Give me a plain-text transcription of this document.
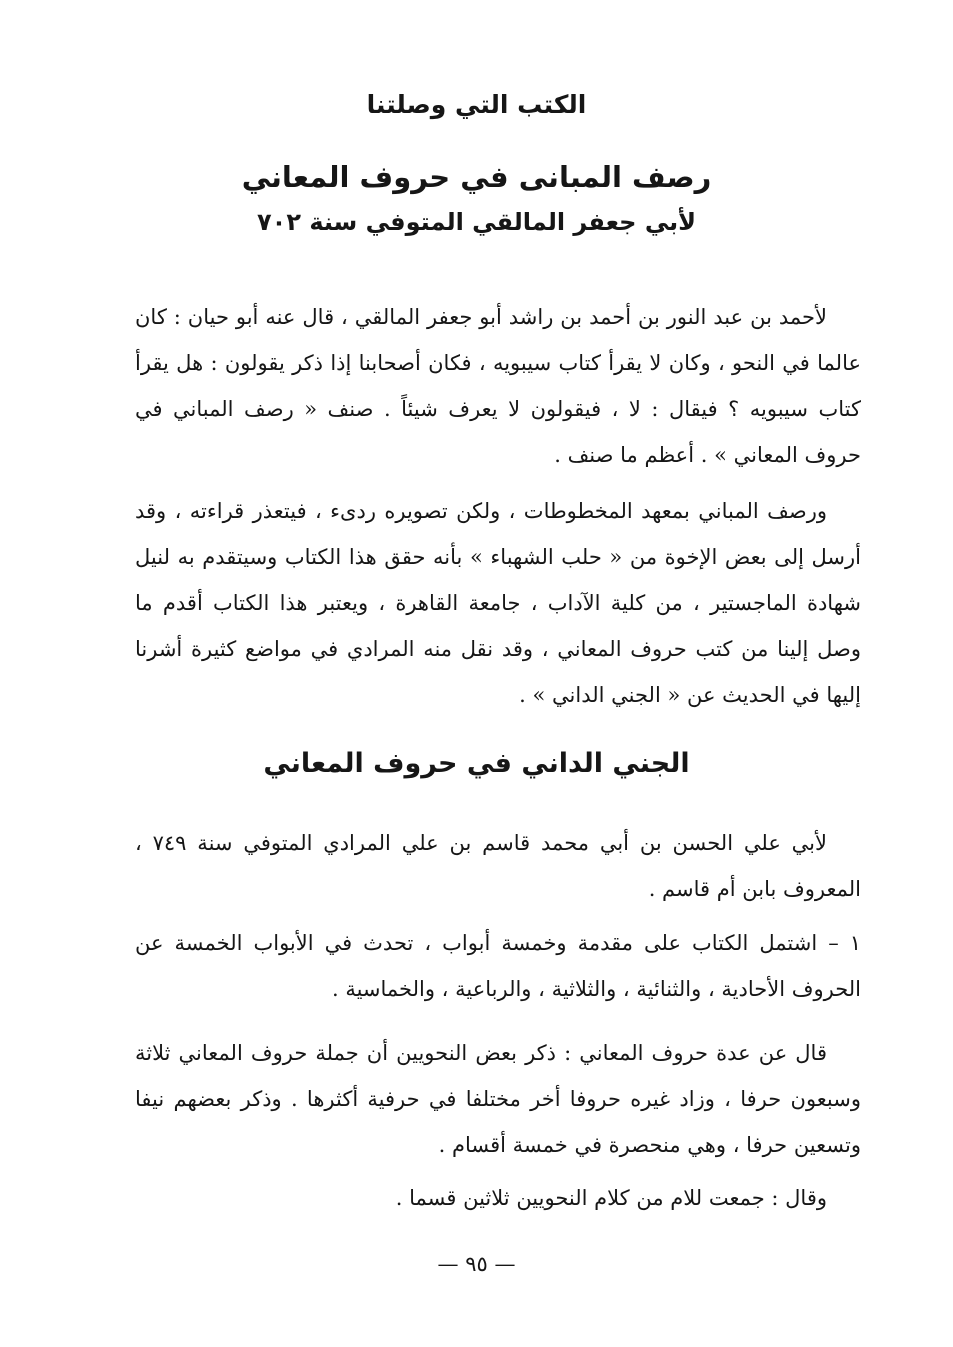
الكتب التي وصلتنا
رصف المبانى في حروف المعاني
لأبي جعفر المالقي المتوفي سنة ٧٠٢

لأحمد بن عبد النور بن أحمد بن راشد أبو جعفر المالقي ، قال عنه أبو حيان : كان عالما في النحو ، وكان لا يقرأ كتاب سيبويه ، فكان أصحابنا إذا ذكر يقولون : هل يقرأ كتاب سيبويه ؟ فيقال : لا ، فيقولون لا يعرف شيئاً . صنف « رصف المباني في حروف المعاني » . أعظم ما صنف .

ورصف المباني بمعهد المخطوطات ، ولكن تصويره ردىء ، فيتعذر قراءته ، وقد أرسل إلى بعض الإخوة من « حلب الشهباء » بأنه حقق هذا الكتاب وسيتقدم به لنيل شهادة الماجستير ، من كلية الآداب ، جامعة القاهرة ، ويعتبر هذا الكتاب أقدم ما وصل إلينا من كتب حروف المعاني ، وقد نقل منه المرادي في مواضع كثيرة أشرنا إليها في الحديث عن « الجني الداني » .

الجني الداني في حروف المعاني

لأبي علي الحسن بن أبي محمد قاسم بن علي المرادي المتوفي سنة ٧٤٩ ، المعروف بابن أم قاسم .

١ – اشتمل الكتاب على مقدمة وخمسة أبواب ، تحدث في الأبواب الخمسة عن الحروف الأحادية ، والثنائية ، والثلاثية ، والرباعية ، والخماسية .

قال عن عدة حروف المعاني : ذكر بعض النحويين أن جملة حروف المعاني ثلاثة وسبعون حرفا ، وزاد غيره حروفا أخر مختلفا في حرفية أكثرها . وذكر بعضهم نيفا وتسعين حرفا ، وهي منحصرة في خمسة أقسام .

وقال : جمعت للام من كلام النحويين ثلاثين قسما .

— ٩٥ —
